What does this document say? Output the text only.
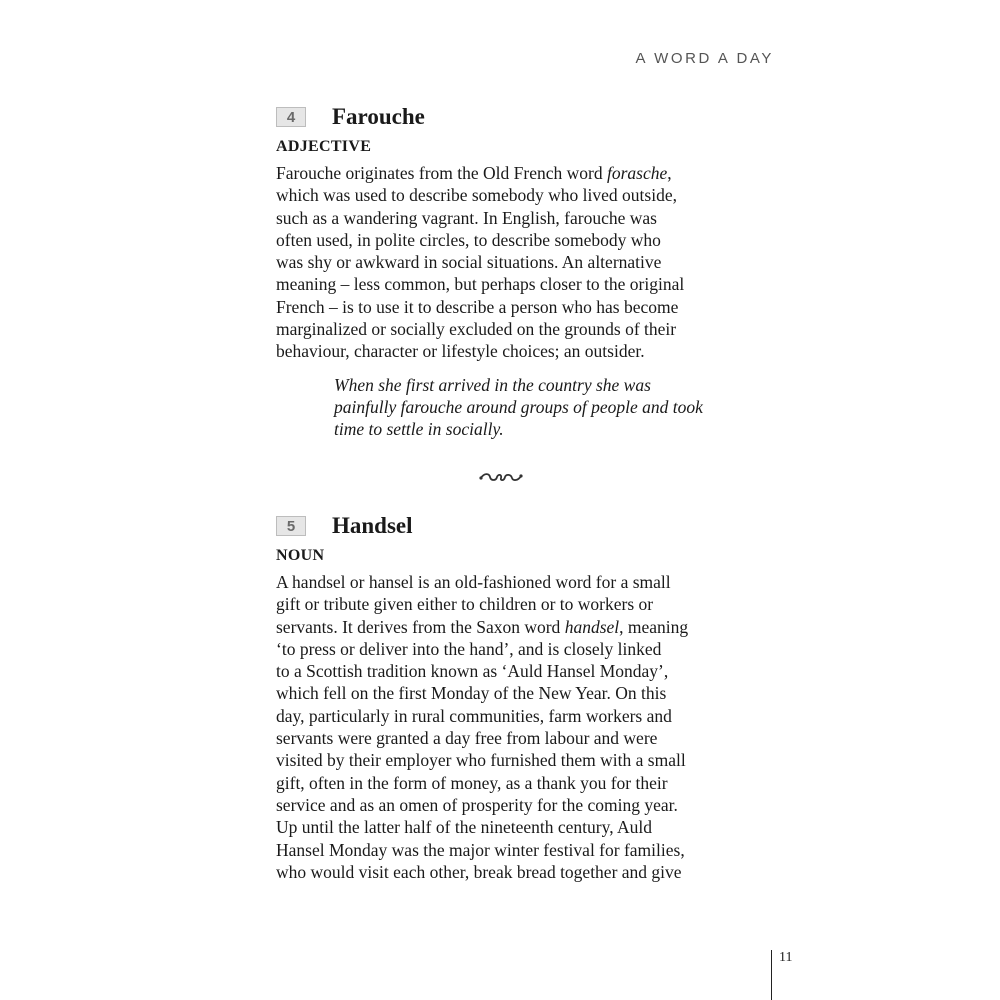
A WORD A DAY
4	Farouche
ADJECTIVE
Farouche originates from the Old French word forasche,
which was used to describe somebody who lived outside,
such as a wandering vagrant. In English, farouche was
often used, in polite circles, to describe somebody who
was shy or awkward in social situations. An alternative
meaning – less common, but perhaps closer to the original
French – is to use it to describe a person who has become
marginalized or socially excluded on the grounds of their
behaviour, character or lifestyle choices; an outsider.
When she first arrived in the country she was
painfully farouche around groups of people and took
time to settle in socially.
5	Handsel
NOUN
A handsel or hansel is an old-fashioned word for a small
gift or tribute given either to children or to workers or
servants. It derives from the Saxon word handsel, meaning
‘to press or deliver into the hand’, and is closely linked
to a Scottish tradition known as ‘Auld Hansel Monday’,
which fell on the first Monday of the New Year. On this
day, particularly in rural communities, farm workers and
servants were granted a day free from labour and were
visited by their employer who furnished them with a small
gift, often in the form of money, as a thank you for their
service and as an omen of prosperity for the coming year.
Up until the latter half of the nineteenth century, Auld
Hansel Monday was the major winter festival for families,
who would visit each other, break bread together and give
11
